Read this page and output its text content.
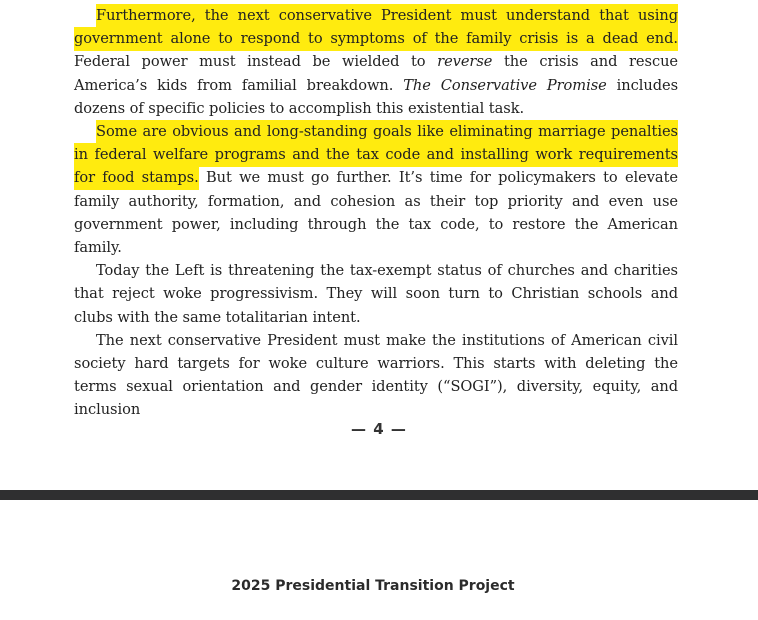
Furthermore, the next conservative President must understand that using government alone to respond to symptoms of the family crisis is a dead end. Federal power must instead be wielded to reverse the crisis and rescue America’s kids from familial breakdown. The Conservative Promise includes dozens of specific policies to accomplish this existential task.

Some are obvious and long-standing goals like eliminating marriage penalties in federal welfare programs and the tax code and installing work requirements for food stamps. But we must go further. It’s time for policymakers to elevate family authority, formation, and cohesion as their top priority and even use government power, including through the tax code, to restore the American family.

Today the Left is threatening the tax-exempt status of churches and charities that reject woke progressivism. They will soon turn to Christian schools and clubs with the same totalitarian intent.

The next conservative President must make the institutions of American civil society hard targets for woke culture warriors. This starts with deleting the terms sexual orientation and gender identity (“SOGI”), diversity, equity, and inclusion

— 4 —
2025 Presidential Transition Project
